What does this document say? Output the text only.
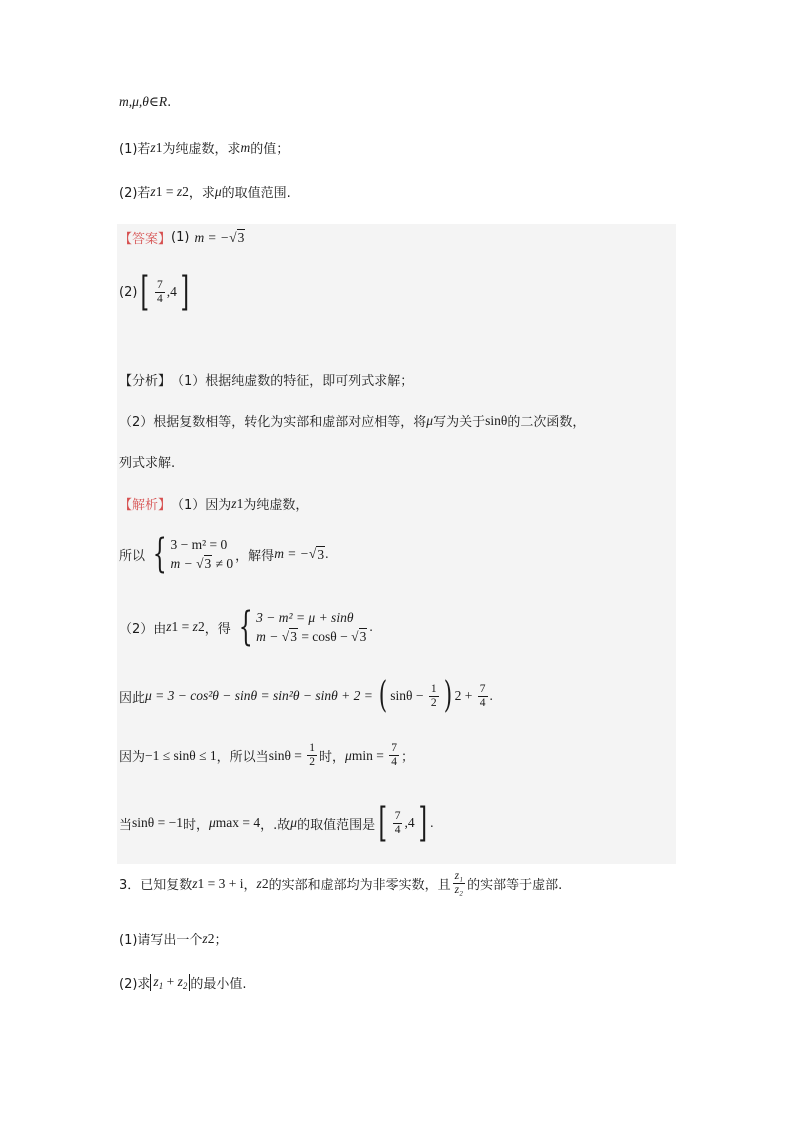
m,μ,θ∈R .
(1)若 z 1 为纯虚数，求 m 的值；
(2)若 z 1 = z 2 ，求 μ 的取值范围.
【答案】 (1) m = − √ 3
(2) [ $\frac{7}{4} ,4$ ]
【分析】 （1）根据纯虚数的特征，即可列式求解；
（2）根据复数相等，转化为实部和虚部对应相等，将 μ 写为关于 sinθ 的二次函数，
列式求解.
【解析】 （1）因为 z 1 为纯虚数，
所以 { 3 − m² = 0
m − √3 ≠ 0 ，解得 m = − √ 3 .
（2）由 z 1 = z 2 ，得 { 3 − m² = μ + sinθ
m − √3 = cosθ − √3
.
因此 μ = 3 − cos²θ − sinθ = sin²θ − sinθ + 2 = ( $\sin\theta - \frac{1}{2}$ ) $2 + \frac{7}{4}$ .
因为 −1 ≤ sinθ ≤ 1 ，所以当 $\sin\theta = \frac{1}{2}$ 时， μ $\min = \frac{7}{4}$ ；
当 sinθ = −1 时， μ max = 4 ，.故 μ 的取值范围是 [ $\frac{7}{4} ,4$ ] .
3．已知复数 z 1 = 3 + i ， z 2 的实部和虚部均为非零实数，且 $\frac{\text{z₁}}{\text{z₂}}$ 的实部等于虚部.
(1)请写出一个 z 2 ；
(2)求 $z_1 + z_2$ 的最小值.
